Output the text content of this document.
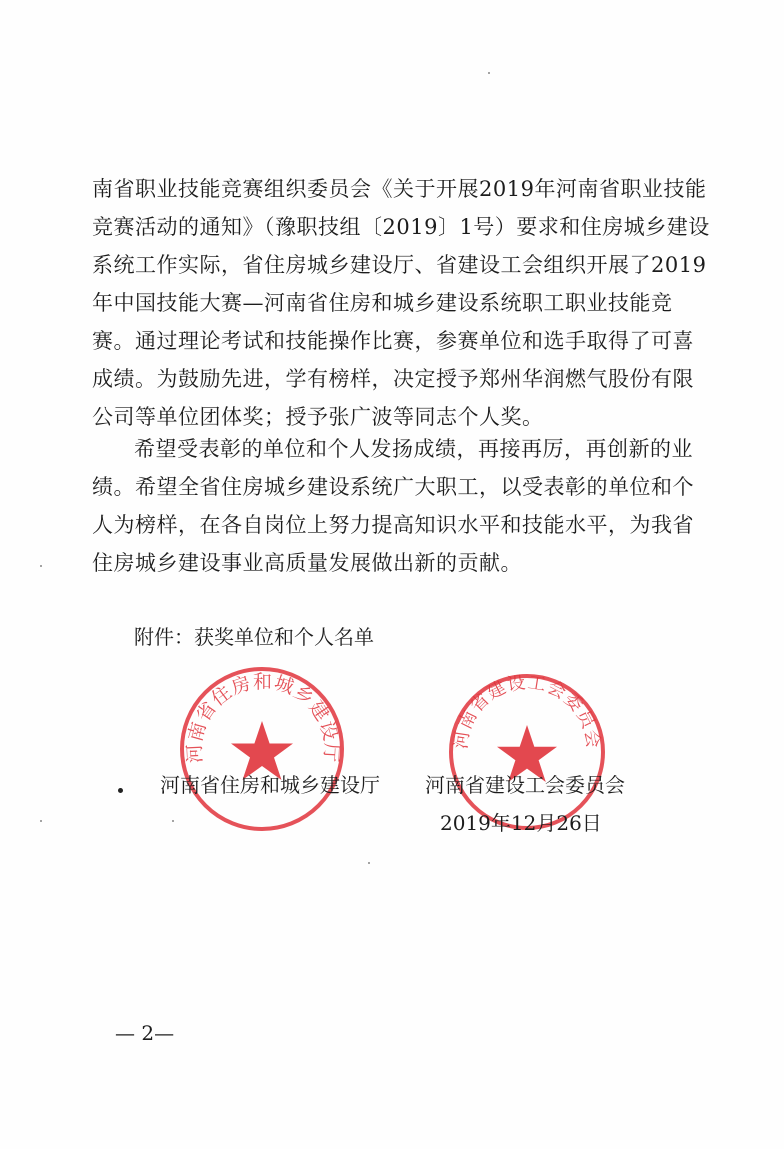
南省职业技能竞赛组织委员会《关于开展2019年河南省职业技能
竞赛活动的通知》（豫职技组〔2019〕1号）要求和住房城乡建设
系统工作实际，省住房城乡建设厅、省建设工会组织开展了2019
年中国技能大赛—河南省住房和城乡建设系统职工职业技能竞
赛。通过理论考试和技能操作比赛，参赛单位和选手取得了可喜
成绩。为鼓励先进，学有榜样，决定授予郑州华润燃气股份有限
公司等单位团体奖；授予张广波等同志个人奖。
希望受表彰的单位和个人发扬成绩，再接再厉，再创新的业
绩。希望全省住房城乡建设系统广大职工，以受表彰的单位和个
人为榜样，在各自岗位上努力提高知识水平和技能水平，为我省
住房城乡建设事业高质量发展做出新的贡献。
附件：获奖单位和个人名单
河南省住房和城乡建设厅
河南省建设工会委员会
河南省住房和城乡建设厅 河南省建设工会委员会
2019年12月26日
— 2—
